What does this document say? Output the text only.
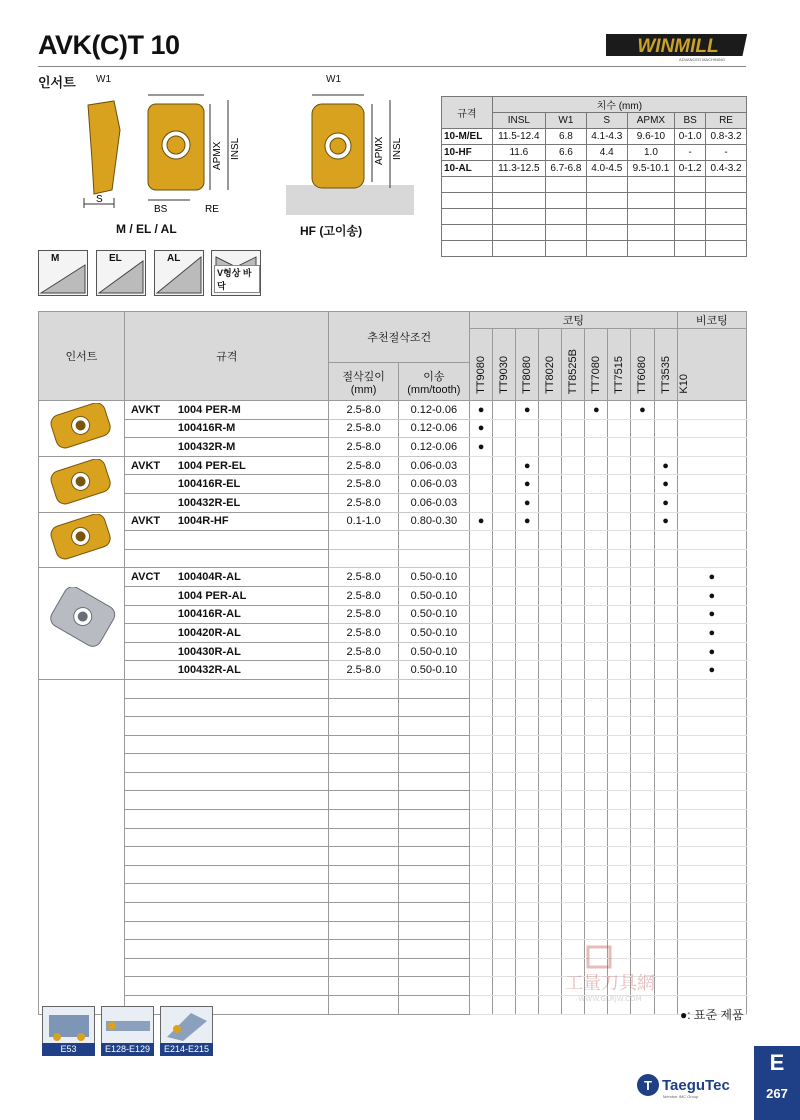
AVK(C)T 10	WINMILL
ADVANCED MACHINING
인서트
S
APMX INSL
BS	RE
W1
M / EL / AL
APMX INSL
W1
HF (고이송)
규격	치수 (mm)					
	INSL	W1	S	APMX	BS	RE
10-M/EL	11.5-12.4	6.8	4.1-4.3	9.6-10	0-1.0	0.8-3.2
10-HF	11.6	6.6	4.4	1.0	-	-
10-AL	11.3-12.5	6.7-6.8	4.0-4.5	9.5-10.1	0-1.2	0.4-3.2

M	EL	AL
V형상 바닥
인서트	규격		추천절삭조건		코팅									비코팅
					TT9080	TT9030	TT8080	TT8020	TT8525B	TT7080	TT7515	TT6080	TT3535	K10
			절삭깊이 (mm)	이송 (mm/tooth)										
	AVKT	1004 PER-M	2.5-8.0	0.12-0.06	●		●			●		●		
		100416R-M	2.5-8.0	0.12-0.06	●									
		100432R-M	2.5-8.0	0.12-0.06	●									
	AVKT	1004 PER-EL	2.5-8.0	0.06-0.03			●						●	
		100416R-EL	2.5-8.0	0.06-0.03			●						●	
		100432R-EL	2.5-8.0	0.06-0.03			●						●	
	AVKT	1004R-HF	0.1-1.0	0.80-0.30	●		●						●	

	AVCT	100404R-AL	2.5-8.0	0.50-0.10										●
		1004 PER-AL	2.5-8.0	0.50-0.10										●
		100416R-AL	2.5-8.0	0.50-0.10										●
		100420R-AL	2.5-8.0	0.50-0.10										●
		100430R-AL	2.5-8.0	0.50-0.10										●
		100432R-AL	2.5-8.0	0.50-0.10										●

E53	E128-E129	E214-E215
工量刀具網
WWW.GLRJW.COM
●: 표준 제품
T TaeguTec
Member IMC Group
E
267
